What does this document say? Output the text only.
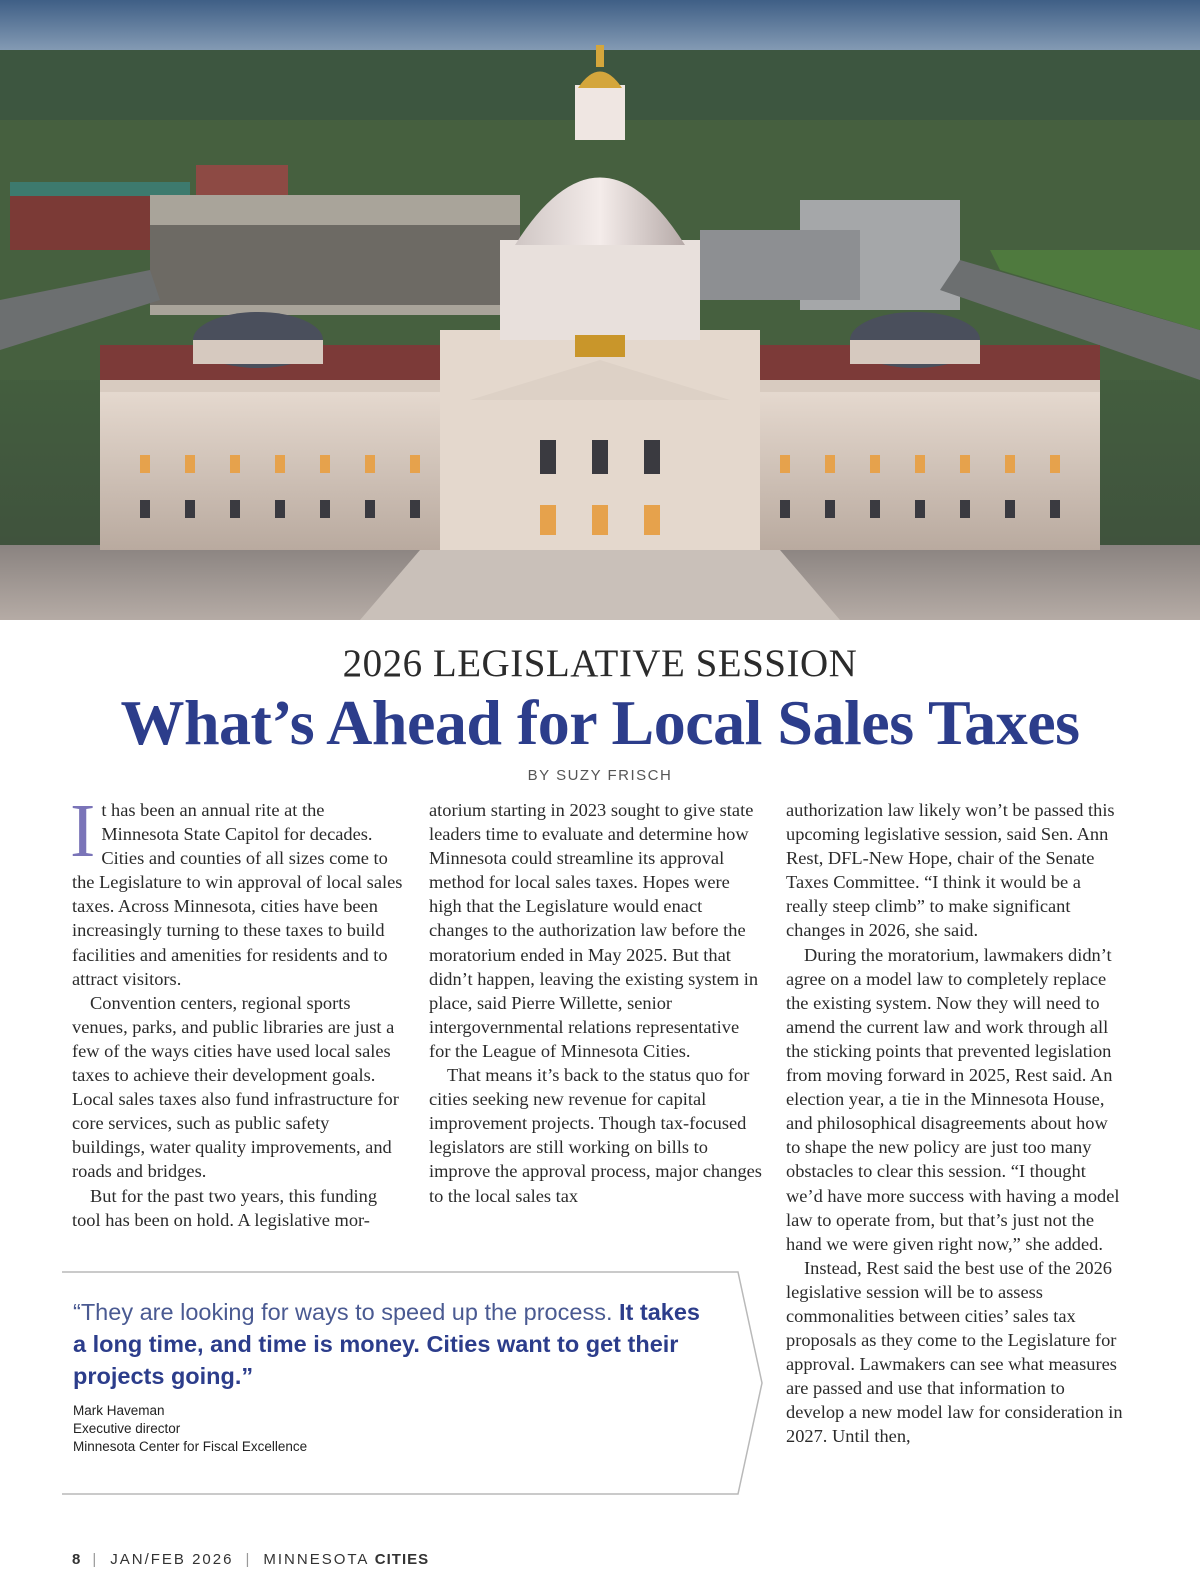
2026 LEGISLATIVE SESSION
What’s Ahead for Local Sales Taxes
BY SUZY FRISCH

It has been an annual rite at the Minnesota State Capitol for decades. Cities and counties of all sizes come to the Legislature to win approval of local sales taxes. Across Minnesota, cities have been increasingly turning to these taxes to build facilities and amenities for residents and to attract visitors.

Convention centers, regional sports venues, parks, and public libraries are just a few of the ways cities have used local sales taxes to achieve their development goals. Local sales taxes also fund infrastructure for core services, such as public safety buildings, water quality improvements, and roads and bridges.

But for the past two years, this funding tool has been on hold. A legislative mor-

atorium starting in 2023 sought to give state leaders time to evaluate and determine how Minnesota could streamline its approval method for local sales taxes. Hopes were high that the Legislature would enact changes to the authorization law before the moratorium ended in May 2025. But that didn’t happen, leaving the existing system in place, said Pierre Willette, senior intergovernmental relations representative for the League of Minnesota Cities.

That means it’s back to the status quo for cities seeking new revenue for capital improvement projects. Though tax-focused legislators are still working on bills to improve the approval process, major changes to the local sales tax

authorization law likely won’t be passed this upcoming legislative session, said Sen. Ann Rest, DFL-New Hope, chair of the Senate Taxes Committee. “I think it would be a really steep climb” to make significant changes in 2026, she said.

During the moratorium, lawmakers didn’t agree on a model law to completely replace the existing system. Now they will need to amend the current law and work through all the sticking points that prevented legislation from moving forward in 2025, Rest said. An election year, a tie in the Minnesota House, and philosophical disagreements about how to shape the new policy are just too many obstacles to clear this session. “I thought we’d have more success with having a model law to operate from, but that’s just not the hand we were given right now,” she added.

Instead, Rest said the best use of the 2026 legislative session will be to assess commonalities between cities’ sales tax proposals as they come to the Legislature for approval. Lawmakers can see what measures are passed and use that information to develop a new model law for consideration in 2027. Until then,

“They are looking for ways to speed up the process. It takes a long time, and time is money. Cities want to get their projects going.”
Mark Haveman
Executive director
Minnesota Center for Fiscal Excellence
8 | JAN/FEB 2026 | MINNESOTA CITIES
